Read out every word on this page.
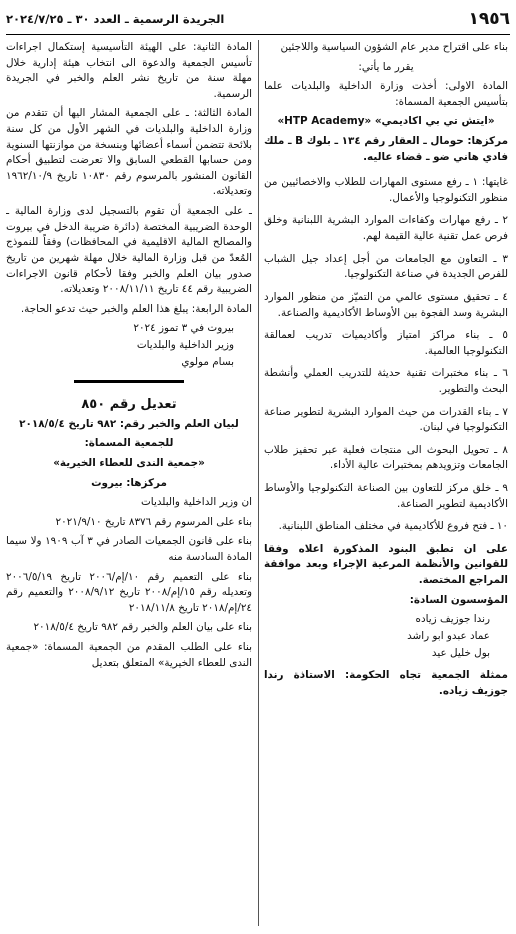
١٩٥٦
الجريدة الرسمية ـ العدد ٣٠ ـ ٢٠٢٤/٧/٢٥

بناء على اقتراح مدير عام الشؤون السياسية واللاجئين

يقرر ما يأتي:

المادة الاولى: أخذت وزارة الداخلية والبلديات علما بتأسيس الجمعية المسماة:

«ايتش تي بي اكاديمي» «HTP Academy»

مركزها: حومال ـ العقار رقم ١٣٤ ـ بلوك B ـ ملك فادي هاني ضو ـ قضاء عاليه.

غايتها: ١ ـ رفع مستوى المهارات للطلاب والاخصائيين من منظور التكنولوجيا والأعمال.

٢ ـ رفع مهارات وكفاءات الموارد البشرية اللبنانية وخلق فرص عمل تقنية عالية القيمة لهم.

٣ ـ التعاون مع الجامعات من أجل إعداد جيل الشباب للفرص الجديدة في صناعة التكنولوجيا.

٤ ـ تحقيق مستوى عالمي من التميّز من منظور الموارد البشرية وسد الفجوة بين الأوساط الأكاديمية والصناعة.

٥ ـ بناء مراكز امتياز وأكاديميات تدريب لعمالقة التكنولوجيا العالمية.

٦ ـ بناء مختبرات تقنية حديثة للتدريب العملي وأنشطة البحث والتطوير.

٧ ـ بناء القدرات من حيث الموارد البشرية لتطوير صناعة التكنولوجيا في لبنان.

٨ ـ تحويل البحوث الى منتجات فعلية عبر تحفيز طلاب الجامعات وتزويدهم بمختبرات عالية الأداء.

٩ ـ خلق مركز للتعاون بين الصناعة التكنولوجيا والأوساط الأكاديمية لتطوير الصناعة.

١٠ ـ فتح فروع للأكاديمية في مختلف المناطق اللبنانية.

على ان تطبق البنود المذكورة اعلاه وفقا للقوانين والأنظمة المرعية الإجراء وبعد موافقة المراجع المختصة.

المؤسسون السادة:

رندا جوزيف زياده

عماد عبدو ابو راشد

بول خليل عيد

ممثلة الجمعية تجاه الحكومة: الاستاذة رندا جوزيف زياده.

المادة الثانية: على الهيئة التأسيسية إستكمال اجراءات تأسيس الجمعية والدعوة الى انتخاب هيئة إدارية خلال مهلة سنة من تاريخ نشر العلم والخبر في الجريدة الرسمية.

المادة الثالثة: ـ على الجمعية المشار اليها أن تتقدم من وزارة الداخلية والبلديات في الشهر الأول من كل سنة بلائحة تتضمن أسماء أعضائها وبنسخة من موازنتها السنوية ومن حسابها القطعي السابق والا تعرضت لتطبيق أحكام القانون المنشور بالمرسوم رقم ١٠٨٣٠ تاريخ ١٩٦٢/١٠/٩ وتعديلاته.

ـ على الجمعية أن تقوم بالتسجيل لدى وزارة المالية ـ الوحدة الضريبية المختصة (دائرة ضريبة الدخل في بيروت والمصالح المالية الاقليمية في المحافظات) وفقاً للنموذج المُعدّ من قبل وزارة المالية خلال مهلة شهرين من تاريخ صدور بيان العلم والخبر وفقا لأحكام قانون الاجراءات الضريبية رقم ٤٤ تاريخ ٢٠٠٨/١١/١١ وتعديلاته.

المادة الرابعة: يبلغ هذا العلم والخبر حيث تدعو الحاجة.

بيروت في ٣ تموز ٢٠٢٤

وزير الداخلية والبلديات

بسام مولوي

تعديل رقم ٨٥٠

لبيان العلم والخبر رقم: ٩٨٢ تاريخ ٢٠١٨/٥/٤

للجمعية المسماة:

«جمعية الندى للعطاء الخيرية»

مركزها: بيروت

ان وزير الداخلية والبلديات

بناء على المرسوم رقم ٨٣٧٦ تاريخ ٢٠٢١/٩/١٠

بناء على قانون الجمعيات الصادر في ٣ آب ١٩٠٩ ولا سيما المادة السادسة منه

بناء على التعميم رقم ١٠/إم/٢٠٠٦ تاريخ ٢٠٠٦/٥/١٩ وتعديله رقم ١٥/إم/٢٠٠٨ تاريخ ٢٠٠٨/٩/١٢ والتعميم رقم ٢٤/إم/٢٠١٨ تاريخ ٢٠١٨/١١/٨

بناء على بيان العلم والخبر رقم ٩٨٢ تاريخ ٢٠١٨/٥/٤

بناء على الطلب المقدم من الجمعية المسماة: «جمعية الندى للعطاء الخيرية» المتعلق بتعديل
